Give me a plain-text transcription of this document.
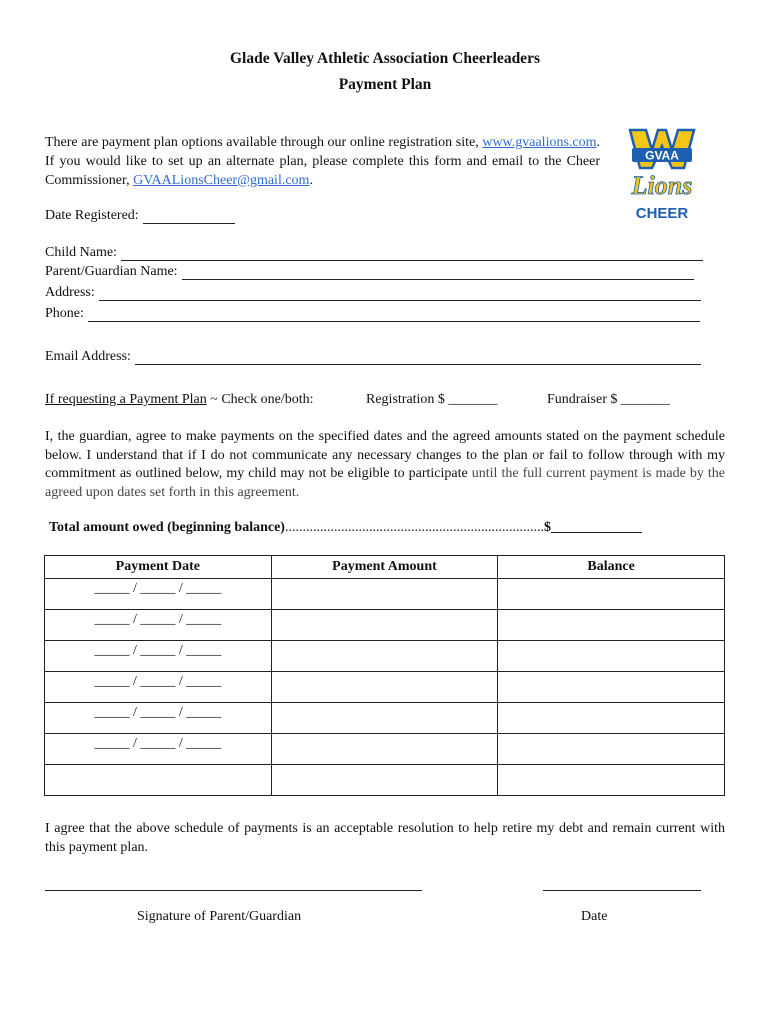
Glade Valley Athletic Association Cheerleaders
Payment Plan
There are payment plan options available through our online registration site, www.gvaalions.com. If you would like to set up an alternate plan, please complete this form and email to the Cheer Commissioner, GVAALionsCheer@gmail.com.
GVAA
Lions
CHEER
Date Registered:
Child Name:
Parent/Guardian Name:
Address:
Phone:
Email Address:
If requesting a Payment Plan ~ Check one/both:	Registration $ _______	Fundraiser $ _______
I, the guardian, agree to make payments on the specified dates and the agreed amounts stated on the payment schedule below. I understand that if I do not communicate any necessary changes to the plan or fail to follow through with my commitment as outlined below, my child may not be eligible to participate until the full current payment is made by the agreed upon dates set forth in this agreement.
Total amount owed (beginning balance)..........................................................................$_____________
Payment Date	Payment Amount	Balance
_____ / _____ / _____		
_____ / _____ / _____		
_____ / _____ / _____		
_____ / _____ / _____		
_____ / _____ / _____		
_____ / _____ / _____		

I agree that the above schedule of payments is an acceptable resolution to help retire my debt and remain current with this payment plan.
Signature of Parent/Guardian	Date
